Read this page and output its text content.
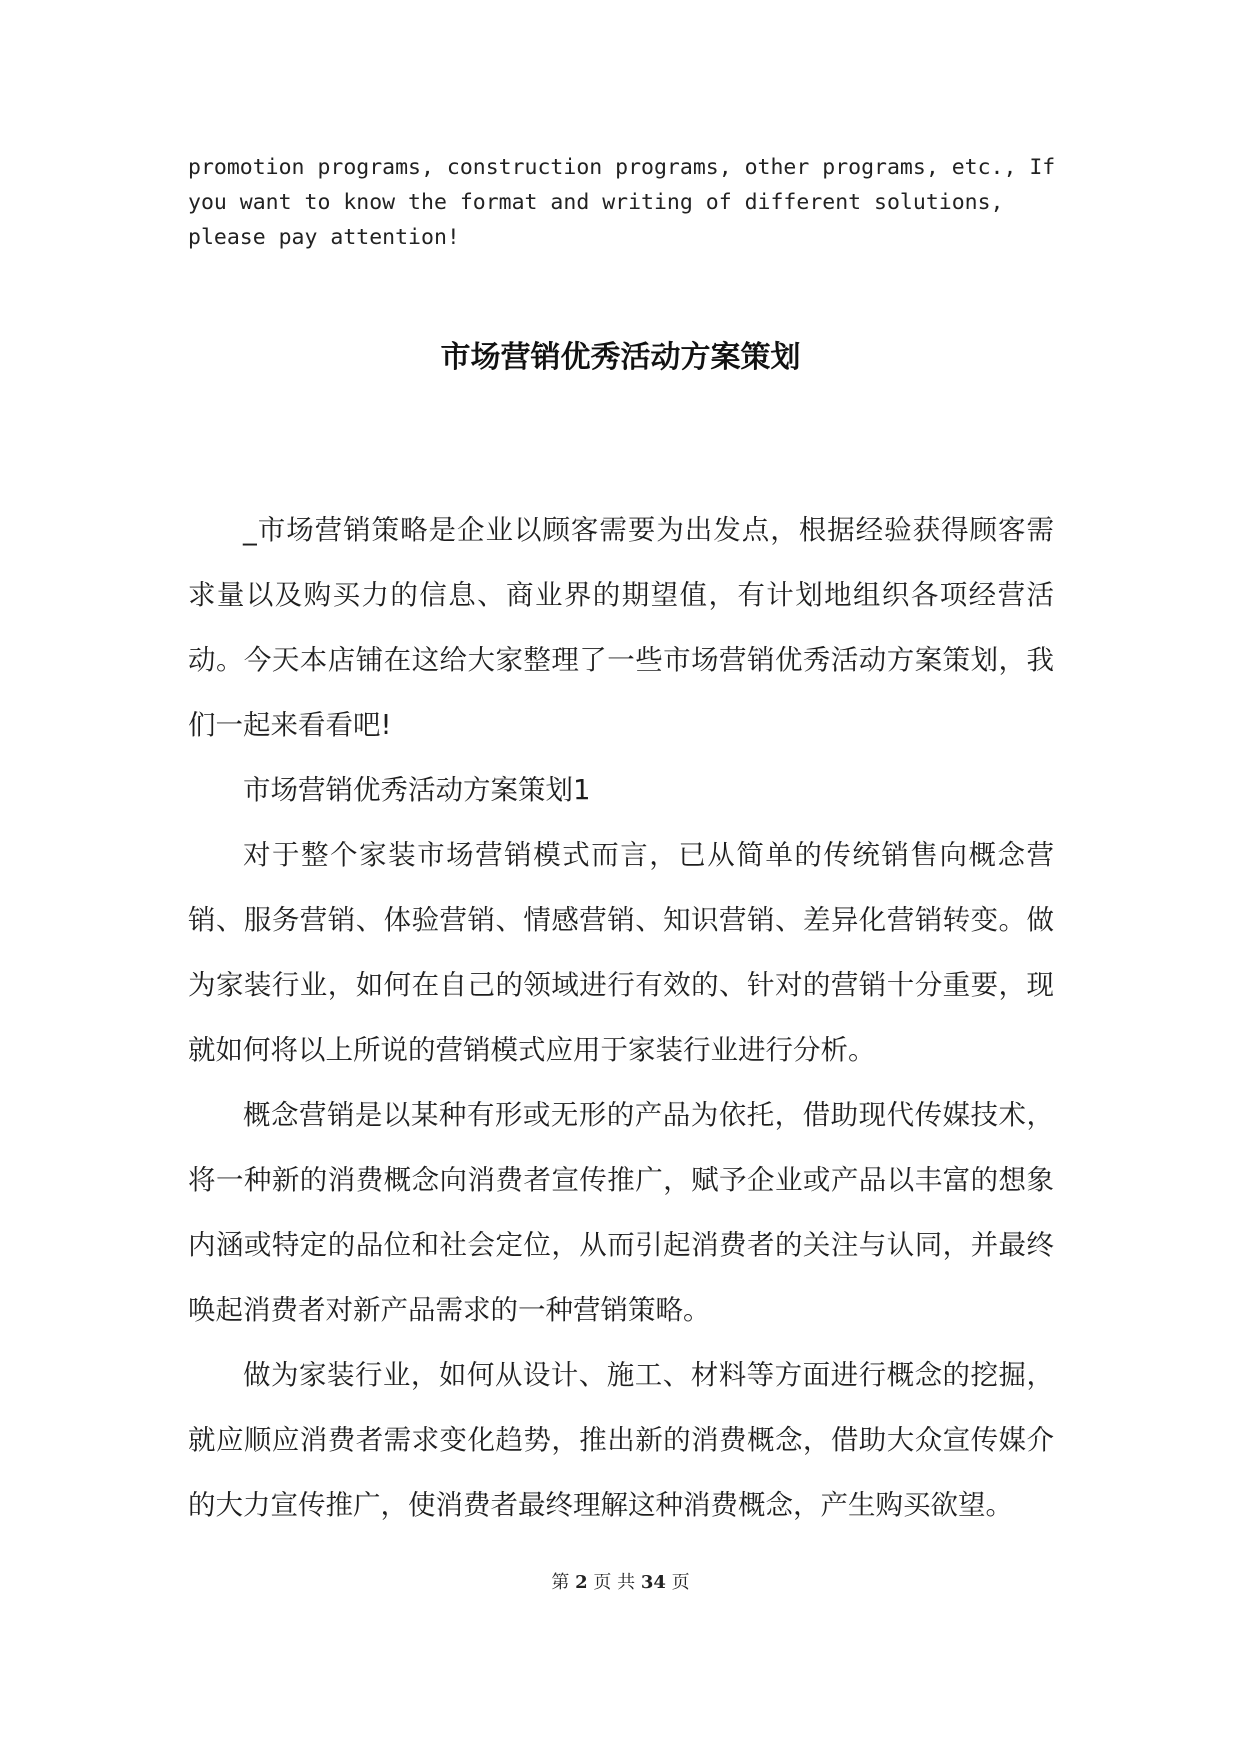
promotion programs, construction programs, other programs, etc., If
you want to know the format and writing of different solutions,
please pay attention!
市场营销优秀活动方案策划

_市场营销策略是企业以顾客需要为出发点，根据经验获得顾客需求量以及购买力的信息、商业界的期望值，有计划地组织各项经营活动。今天本店铺在这给大家整理了一些市场营销优秀活动方案策划，我们一起来看看吧!

市场营销优秀活动方案策划1

对于整个家装市场营销模式而言，已从简单的传统销售向概念营销、服务营销、体验营销、情感营销、知识营销、差异化营销转变。做为家装行业，如何在自己的领域进行有效的、针对的营销十分重要，现就如何将以上所说的营销模式应用于家装行业进行分析。

概念营销是以某种有形或无形的产品为依托，借助现代传媒技术，将一种新的消费概念向消费者宣传推广，赋予企业或产品以丰富的想象内涵或特定的品位和社会定位，从而引起消费者的关注与认同，并最终唤起消费者对新产品需求的一种营销策略。

做为家装行业，如何从设计、施工、材料等方面进行概念的挖掘，就应顺应消费者需求变化趋势，推出新的消费概念，借助大众宣传媒介的大力宣传推广，使消费者最终理解这种消费概念，产生购买欲望。

第 2 页 共 34 页
